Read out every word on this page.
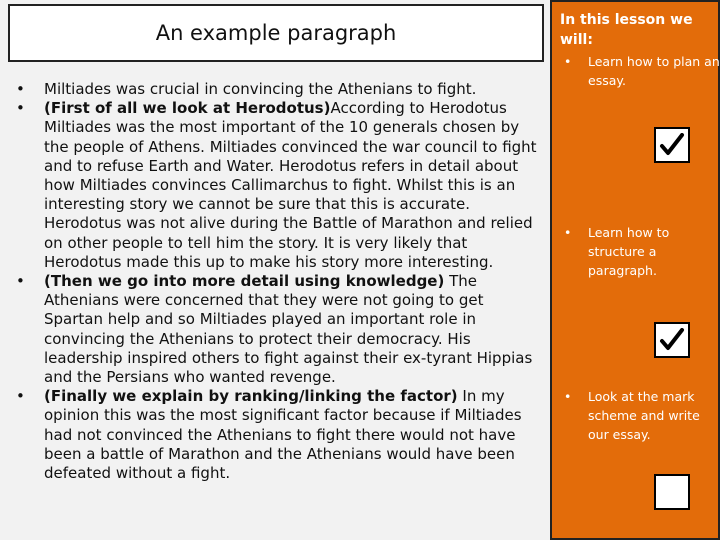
An example paragraph
• Miltiades was crucial in convincing the Athenians to fight.
• (First of all we look at Herodotus)According to Herodotus Miltiades was the most important of the 10 generals chosen by the people of Athens. Miltiades convinced the war council to fight and to refuse Earth and Water. Herodotus refers in detail about how Miltiades convinces Callimarchus to fight. Whilst this is an interesting story we cannot be sure that this is accurate. Herodotus was not alive during the Battle of Marathon and relied on other people to tell him the story. It is very likely that Herodotus made this up to make his story more interesting.
• (Then we go into more detail using knowledge) The Athenians were concerned that they were not going to get Spartan help and so Miltiades played an important role in convincing the Athenians to protect their democracy. His leadership inspired others to fight against their ex-tyrant Hippias and the Persians who wanted revenge.
• (Finally we explain by ranking/linking the factor) In my opinion this was the most significant factor because if Miltiades had not convinced the Athenians to fight there would not have been a battle of Marathon and the Athenians would have been defeated without a fight.
In this lesson we will:
• Learn how to plan an essay.
• Learn how to structure a paragraph.
• Look at the mark scheme and write our essay.
